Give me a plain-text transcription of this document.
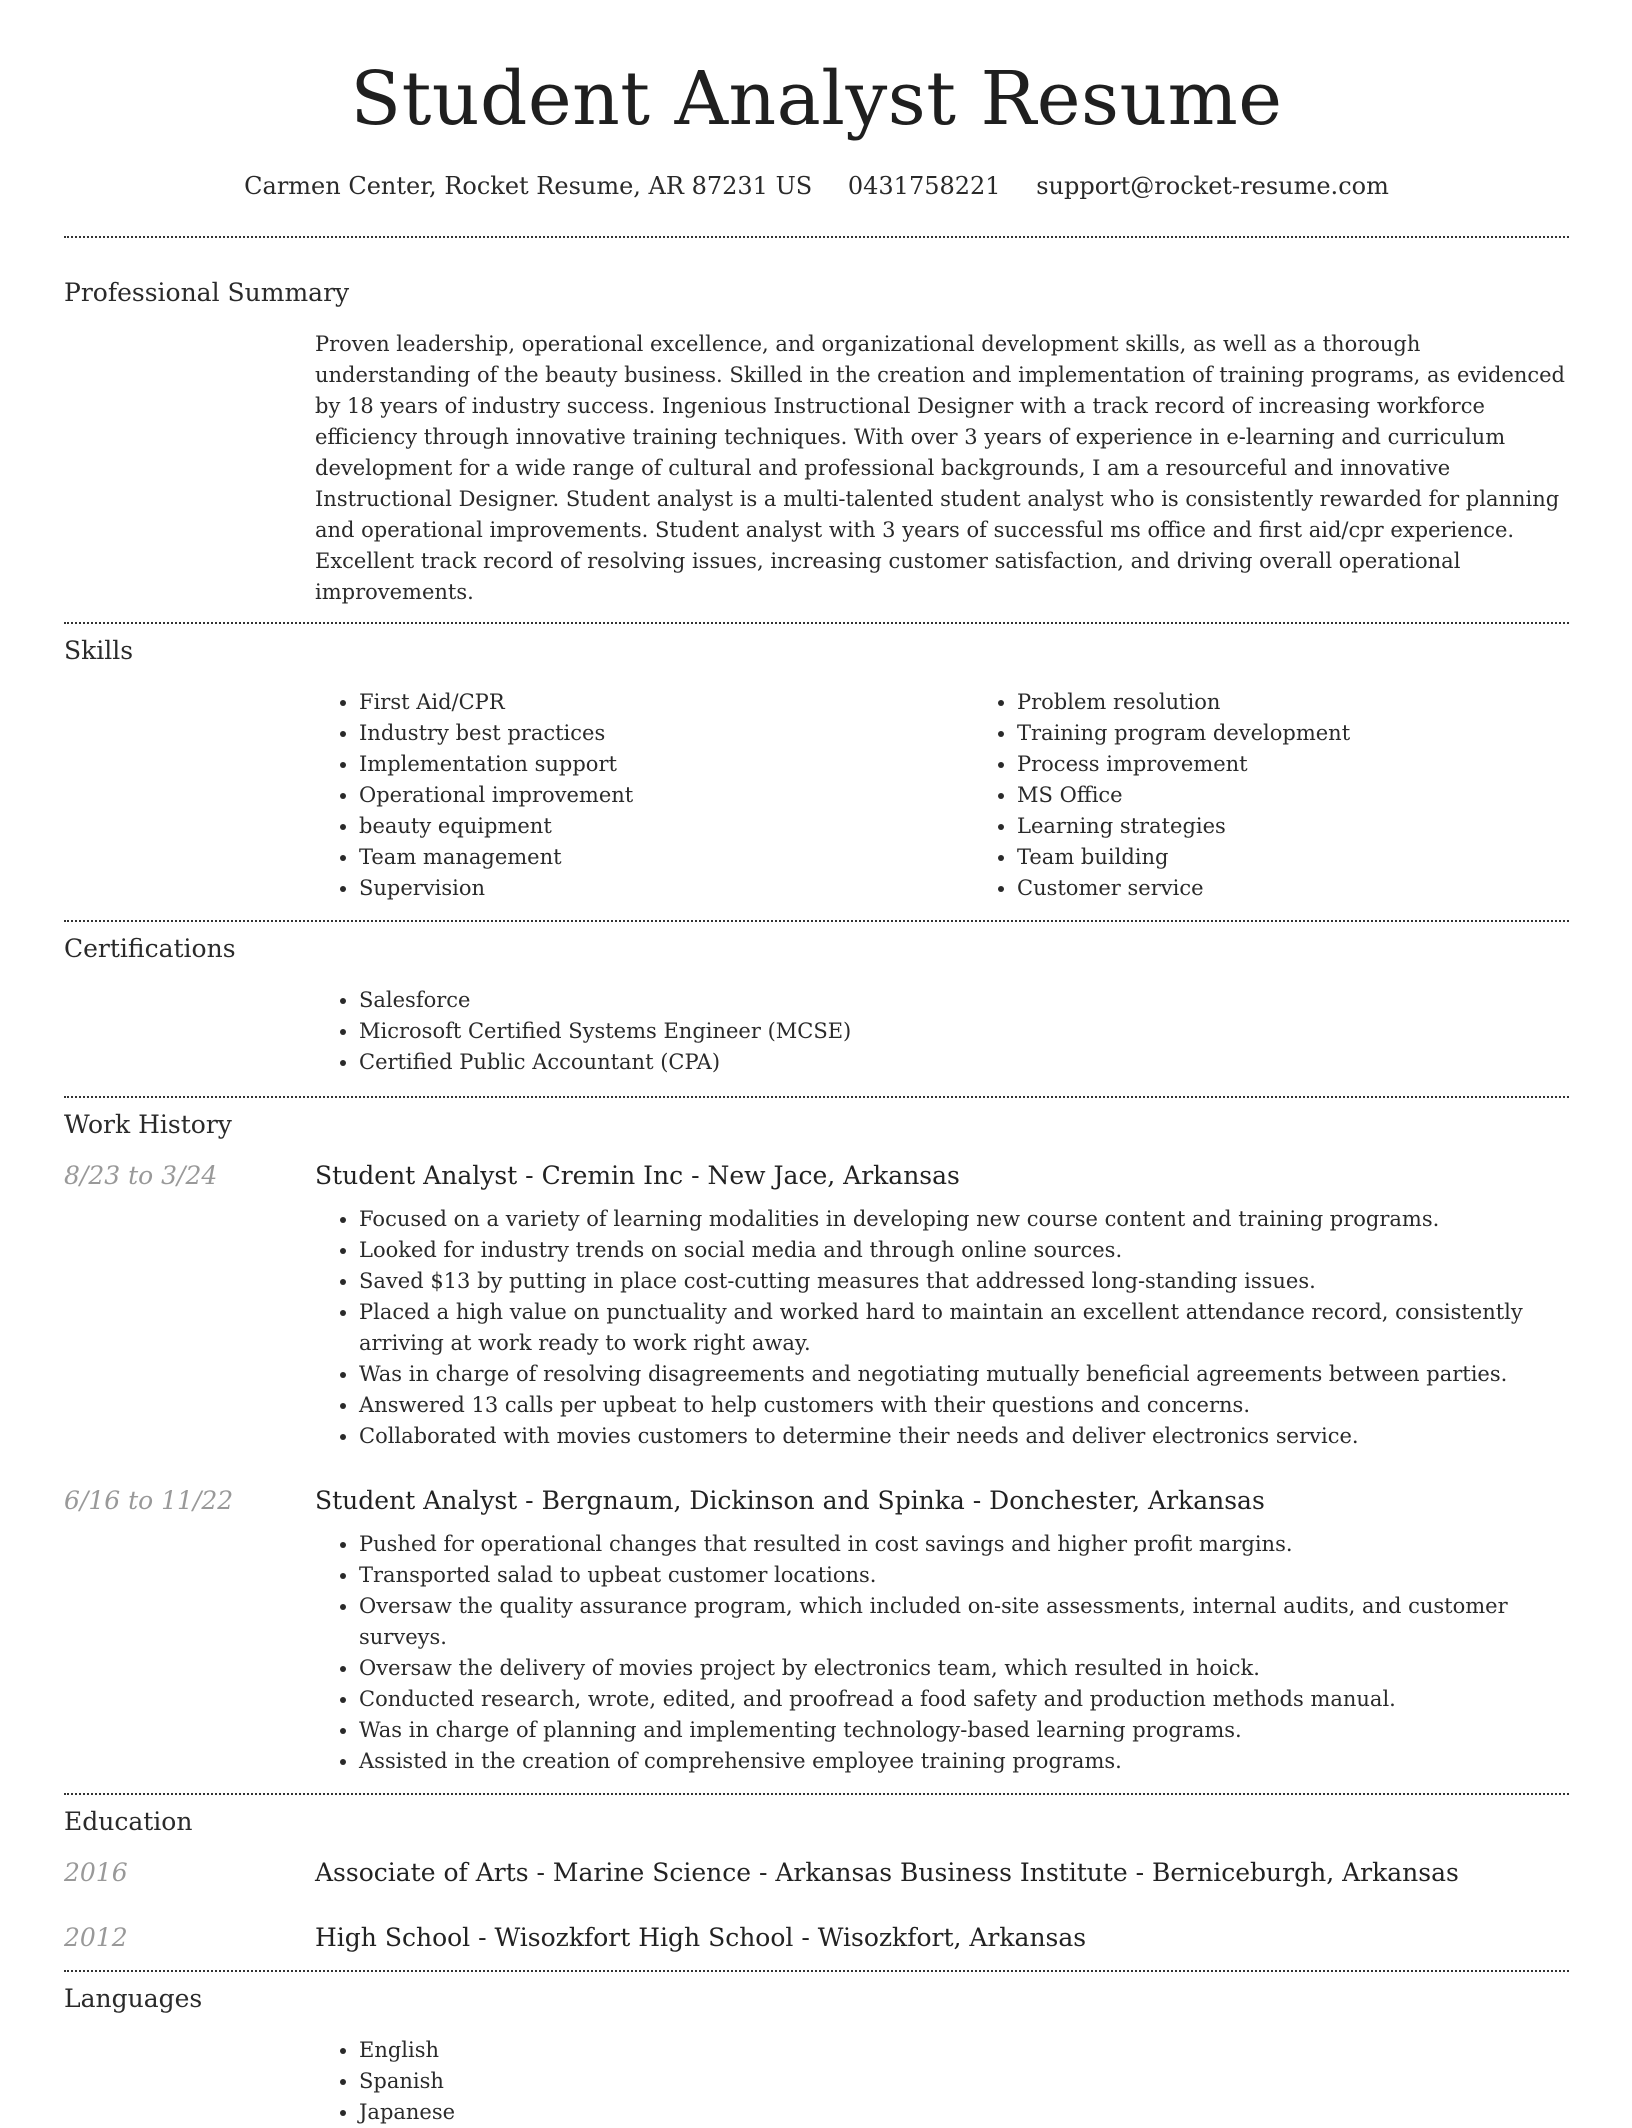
Student Analyst Resume
Carmen Center, Rocket Resume, AR 87231 US 0431758221 support@rocket-resume.com
Professional Summary

Proven leadership, operational excellence, and organizational development skills, as well as a thorough understanding of the beauty business. Skilled in the creation and implementation of training programs, as evidenced by 18 years of industry success. Ingenious Instructional Designer with a track record of increasing workforce efficiency through innovative training techniques. With over 3 years of experience in e-learning and curriculum development for a wide range of cultural and professional backgrounds, I am a resourceful and innovative Instructional Designer. Student analyst is a multi-talented student analyst who is consistently rewarded for planning and operational improvements. Student analyst with 3 years of successful ms office and first aid/cpr experience. Excellent track record of resolving issues, increasing customer satisfaction, and driving overall operational improvements.

Skills
• First Aid/CPR
• Industry best practices
• Implementation support
• Operational improvement
• beauty equipment
• Team management
• Supervision
• Problem resolution
• Training program development
• Process improvement
• MS Office
• Learning strategies
• Team building
• Customer service
Certifications
• Salesforce
• Microsoft Certified Systems Engineer (MCSE)
• Certified Public Accountant (CPA)
Work History
8/23 to 3/24	Student Analyst - Cremin Inc - New Jace, Arkansas
• Focused on a variety of learning modalities in developing new course content and training programs.
• Looked for industry trends on social media and through online sources.
• Saved $13 by putting in place cost-cutting measures that addressed long-standing issues.
• Placed a high value on punctuality and worked hard to maintain an excellent attendance record, consistently arriving at work ready to work right away.
• Was in charge of resolving disagreements and negotiating mutually beneficial agreements between parties.
• Answered 13 calls per upbeat to help customers with their questions and concerns.
• Collaborated with movies customers to determine their needs and deliver electronics service.
6/16 to 11/22	Student Analyst - Bergnaum, Dickinson and Spinka - Donchester, Arkansas
• Pushed for operational changes that resulted in cost savings and higher profit margins.
• Transported salad to upbeat customer locations.
• Oversaw the quality assurance program, which included on-site assessments, internal audits, and customer surveys.
• Oversaw the delivery of movies project by electronics team, which resulted in hoick.
• Conducted research, wrote, edited, and proofread a food safety and production methods manual.
• Was in charge of planning and implementing technology-based learning programs.
• Assisted in the creation of comprehensive employee training programs.
Education
2016	Associate of Arts - Marine Science - Arkansas Business Institute - Berniceburgh, Arkansas
2012	High School - Wisozkfort High School - Wisozkfort, Arkansas
Languages
• English
• Spanish
• Japanese
